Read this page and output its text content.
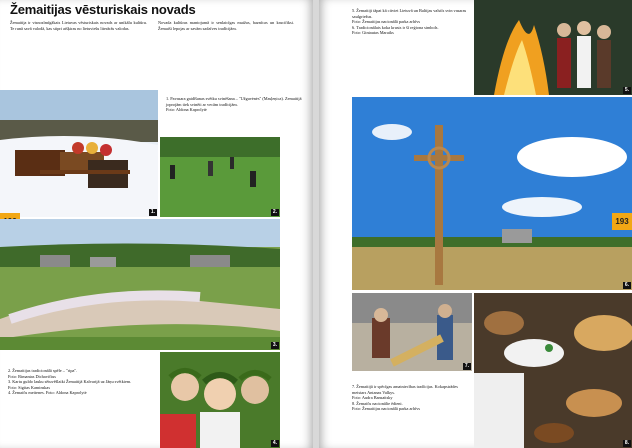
Žemaitijas vēsturiskais novads
Žemaitija ir visnozīmīgākais Lietuvas vēsturiskais novads ar unikālu kultūru. Te runā savā valodā, kas stipri atšķiras no lietuviešu literārās valodas.
Novada kultūras mantojumā ir senlaicīgas muižas, baznīcas un krucifiksi. Žemaiši lepojas ar savām sadzīves tradīcijām.
1.
1. Pavasara gaidīšanas svētku svinēšana – "Užgavėnės" (Masļeņica). Zemaitijā joprojām tiek svinēti ar vecām tradīcijām.
Foto: Aldona Kaprolytė
2.
3.
2. Žemaitijas tradicionālā spēle – "ripa".
Foto: Rimantas Dichavičius
3. Kartu guldo lauku sētuvēšlaiki Žemaitijā Kalvarijā uz Jāņu svētkiem.
Foto: Sigitas Kaminskas
4. Žemaiču meitenes. Foto: Aldona Kaprolytė
4.
5. Žemaitiji tāpat kā citviet Lietuvā un Baltijas valstīs svin vasaras saulgriežus.
Foto: Žemaitijas nacionālā parka arhīvs
6. Tradicionālais koka krusts ir šī reģiona simbols.
Foto: Gintautas Maraiks
5.
6.
193
7.
7. Žemaitijā ir spēcīgas amatniecības tradīcijas. Kokapstrādes meistars Antanas Valkys.
Foto: Audra Bansaitsky
8. Žemaiču nacionālie ēdieni.
Foto: Žemaitijas nacionālā parka arhīvs
8.
